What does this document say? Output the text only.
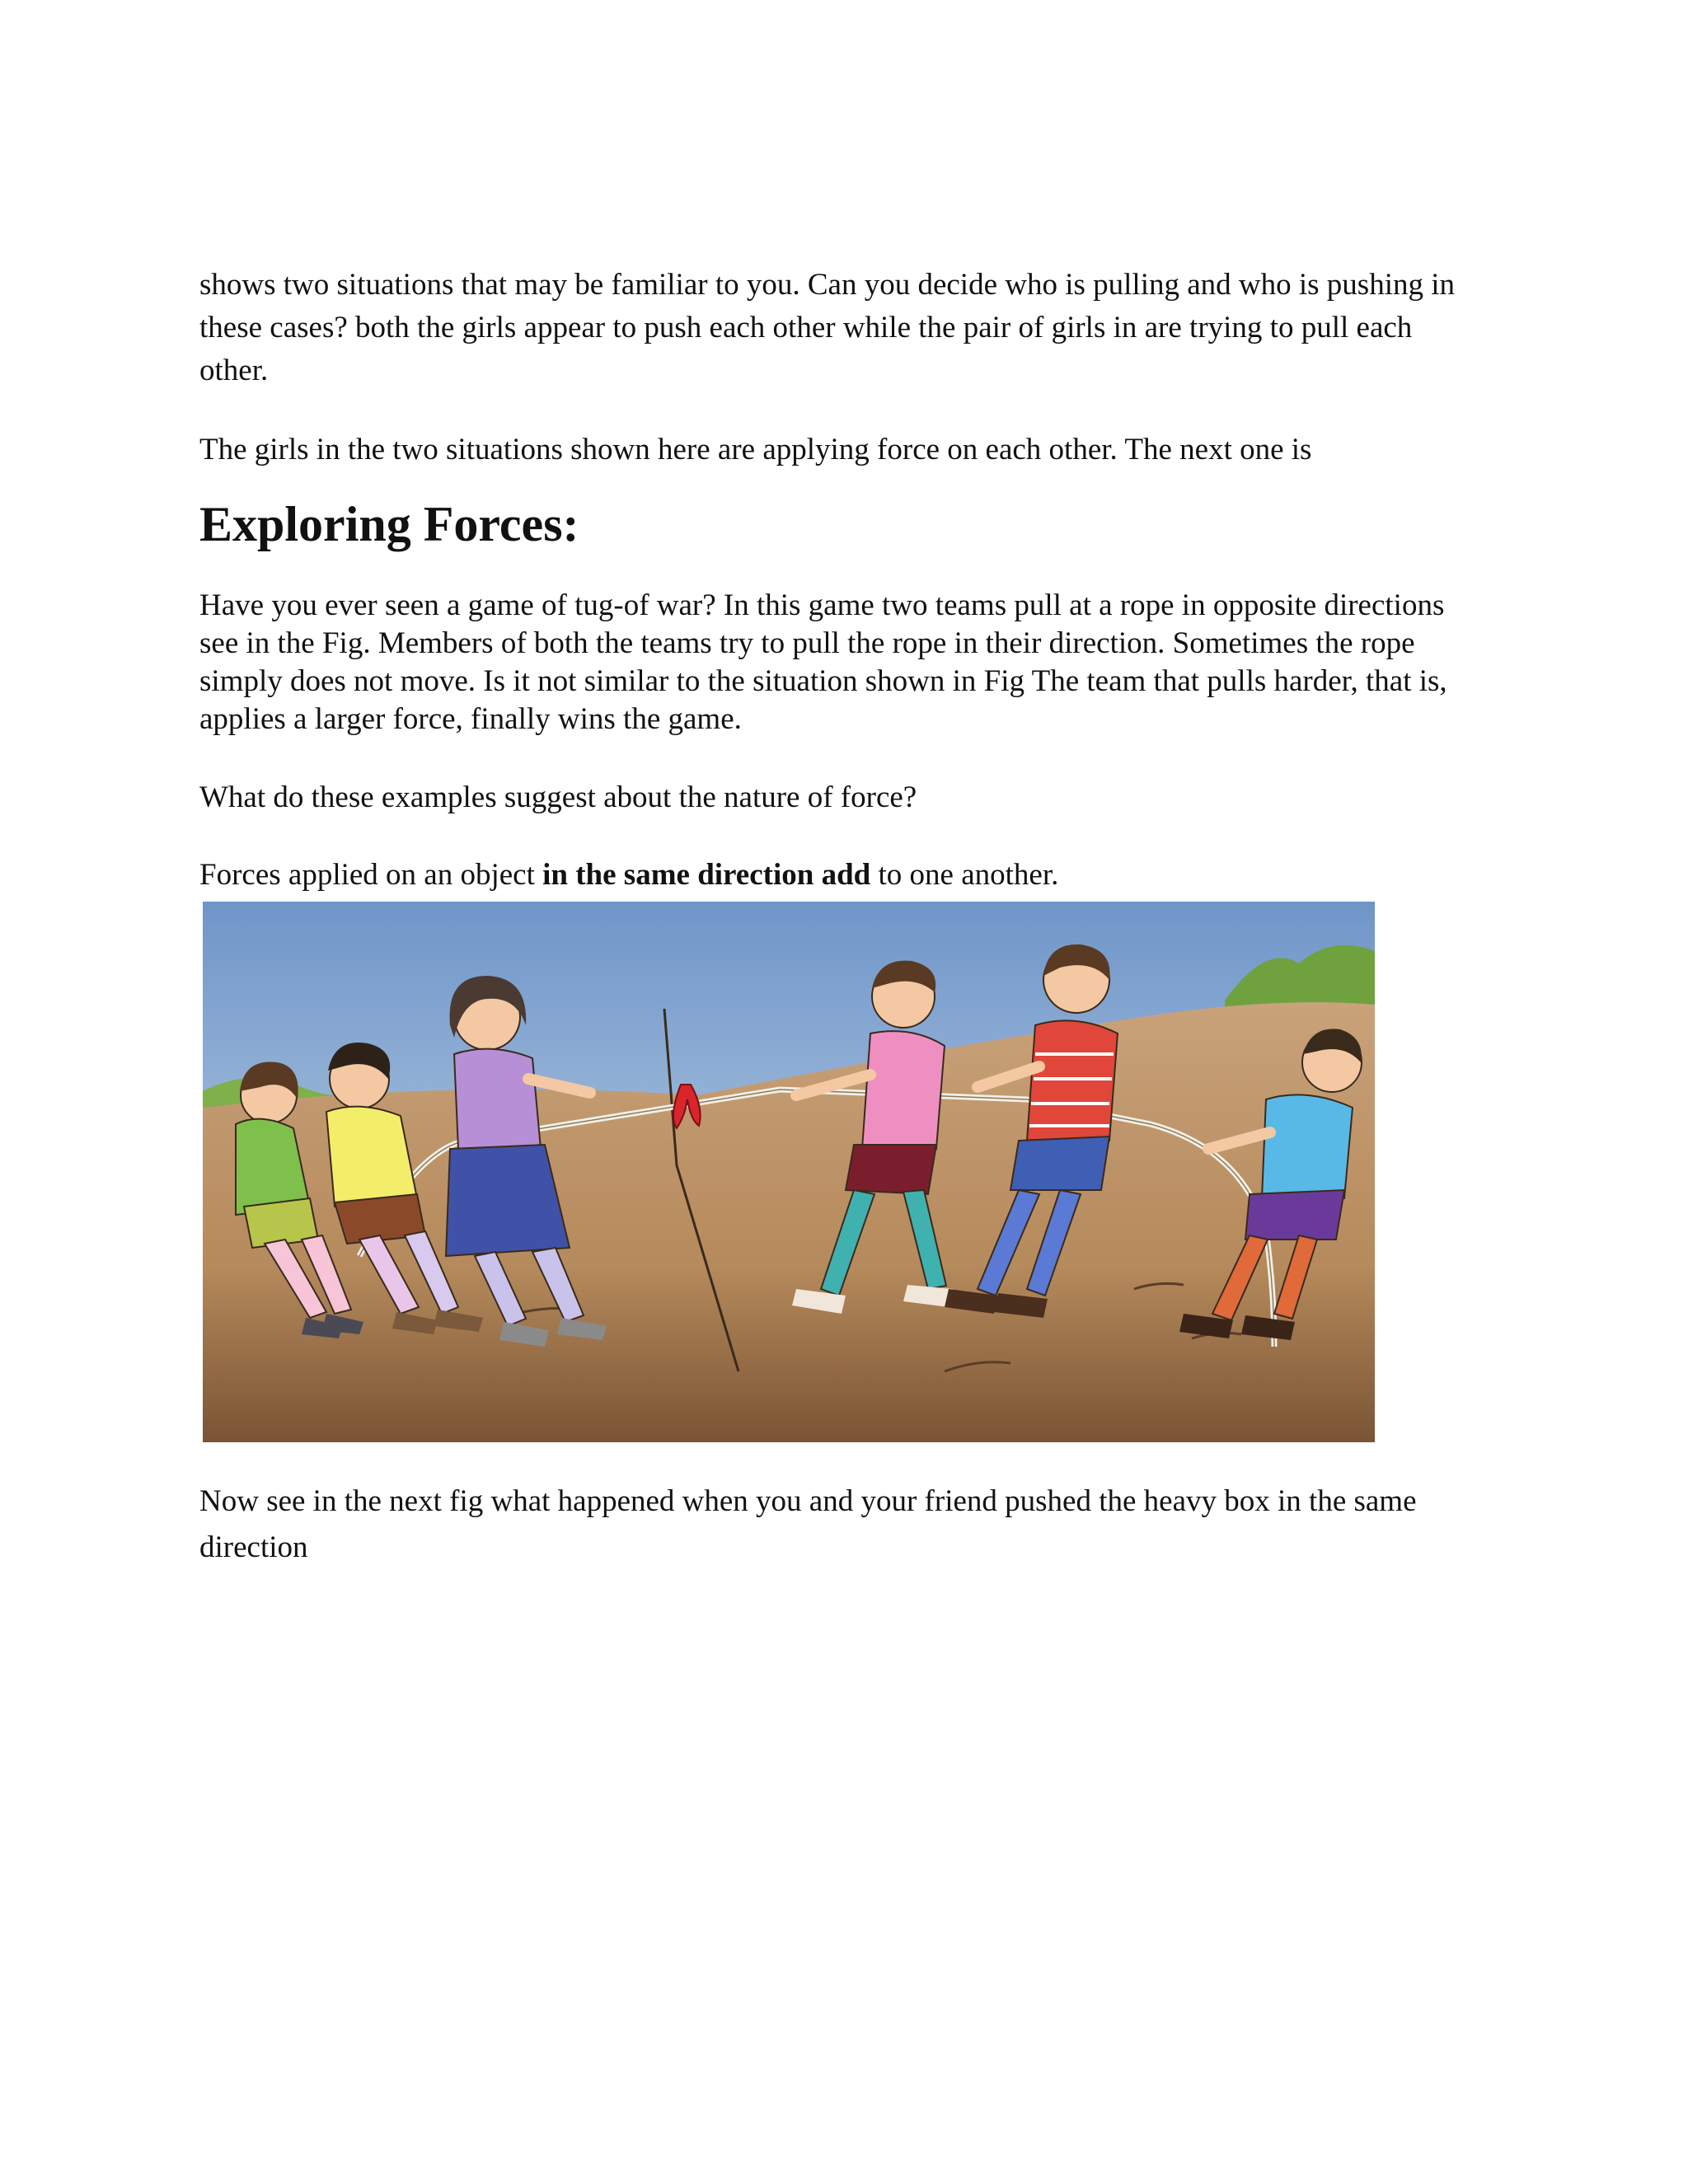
shows two situations that may be familiar to you. Can you decide who is pulling and who is pushing in these cases? both the girls appear to push each other while the pair of girls in are trying to pull each other.

The girls in the two situations shown here are applying force on each other. The next one is

Exploring Forces:

Have you ever seen a game of tug-of war? In this game two teams pull at a rope in opposite directions see in the Fig. Members of both the teams try to pull the rope in their direction. Sometimes the rope simply does not move. Is it not similar to the situation shown in Fig The team that pulls harder, that is, applies a larger force, finally wins the game.

What do these examples suggest about the nature of force?

Forces applied on an object in the same direction add to one another.

Now see in the next fig what happened when you and your friend pushed the heavy box in the same direction
